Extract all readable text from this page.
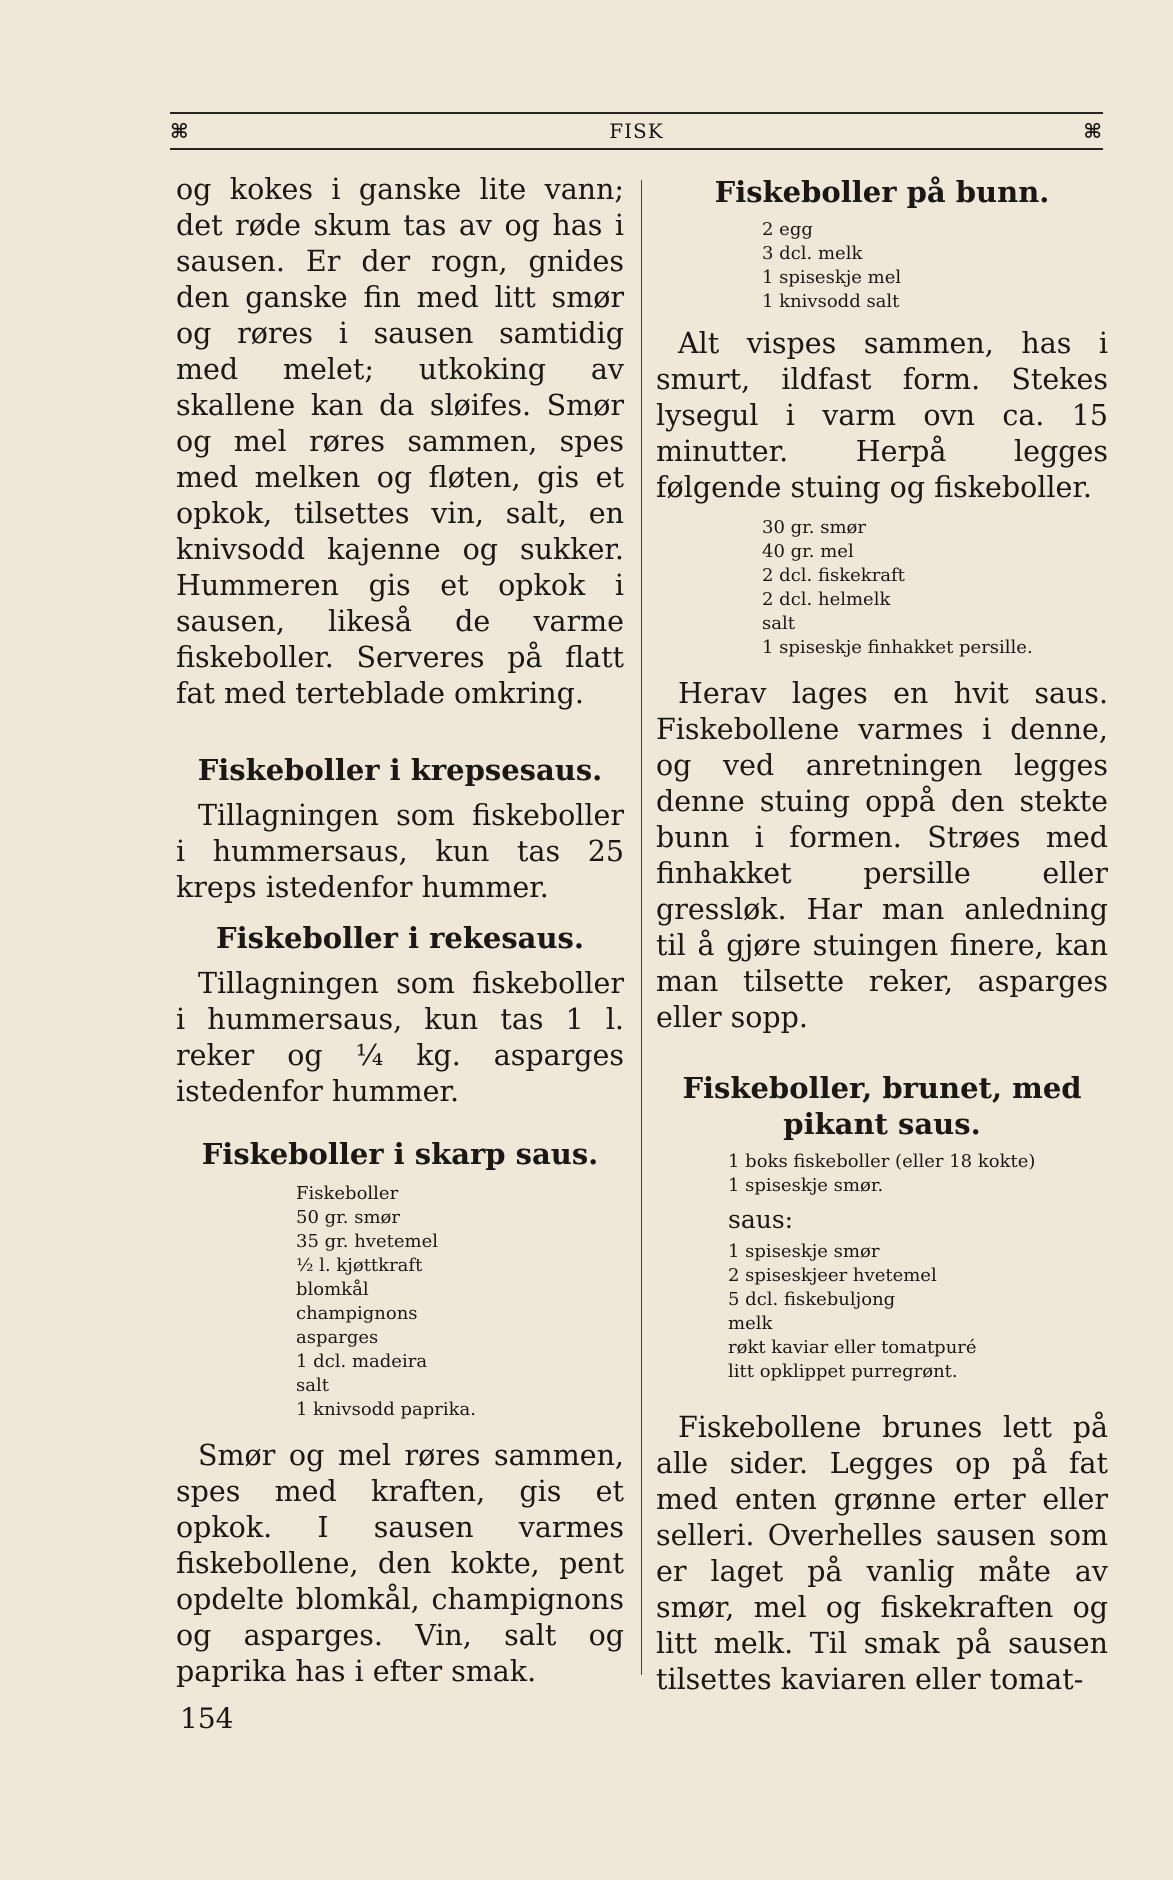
⌘	FISK	⌘

og kokes i ganske lite vann; det røde skum tas av og has i sausen. Er der rogn, gnides den ganske fin med litt smør og røres i sausen samtidig med melet; utkoking av skallene kan da sløifes. Smør og mel røres sammen, spes med melken og fløten, gis et opkok, tilsettes vin, salt, en knivsodd kajenne og sukker. Hummeren gis et opkok i sausen, likeså de varme fiskeboller. Serveres på flatt fat med terteblade omkring.

Fiskeboller i krepsesaus.

Tillagningen som fiskeboller i hummersaus, kun tas 25 kreps istedenfor hummer.

Fiskeboller i rekesaus.

Tillagningen som fiskeboller i hummersaus, kun tas 1 l. reker og ¼ kg. asparges istedenfor hummer.

Fiskeboller i skarp saus.
Fiskeboller
50 gr. smør
35 gr. hvetemel
½ l. kjøttkraft
blomkål
champignons
asparges
1 dcl. madeira
salt
1 knivsodd paprika.

Smør og mel røres sammen, spes med kraften, gis et opkok. I sausen varmes fiskebollene, den kokte, pent opdelte blomkål, champignons og asparges. Vin, salt og paprika has i efter smak.

Fiskeboller på bunn.
2 egg
3 dcl. melk
1 spiseskje mel
1 knivsodd salt

Alt vispes sammen, has i smurt, ildfast form. Stekes lysegul i varm ovn ca. 15 minutter. Herpå legges følgende stuing og fiskeboller.

30 gr. smør
40 gr. mel
2 dcl. fiskekraft
2 dcl. helmelk
salt
1 spiseskje finhakket persille.

Herav lages en hvit saus. Fiskebollene varmes i denne, og ved anretningen legges denne stuing oppå den stekte bunn i formen. Strøes med finhakket persille eller gressløk. Har man anledning til å gjøre stuingen finere, kan man tilsette reker, asparges eller sopp.

Fiskeboller, brunet, med
pikant saus.
1 boks fiskeboller (eller 18 kokte)
1 spiseskje smør.
saus:
1 spiseskje smør
2 spiseskjeer hvetemel
5 dcl. fiskebuljong
melk
røkt kaviar eller tomatpuré
litt opklippet purregrønt.

Fiskebollene brunes lett på alle sider. Legges op på fat med enten grønne erter eller selleri. Overhelles sausen som er laget på vanlig måte av smør, mel og fiskekraften og litt melk. Til smak på sausen tilsettes kaviaren eller tomat-

154
